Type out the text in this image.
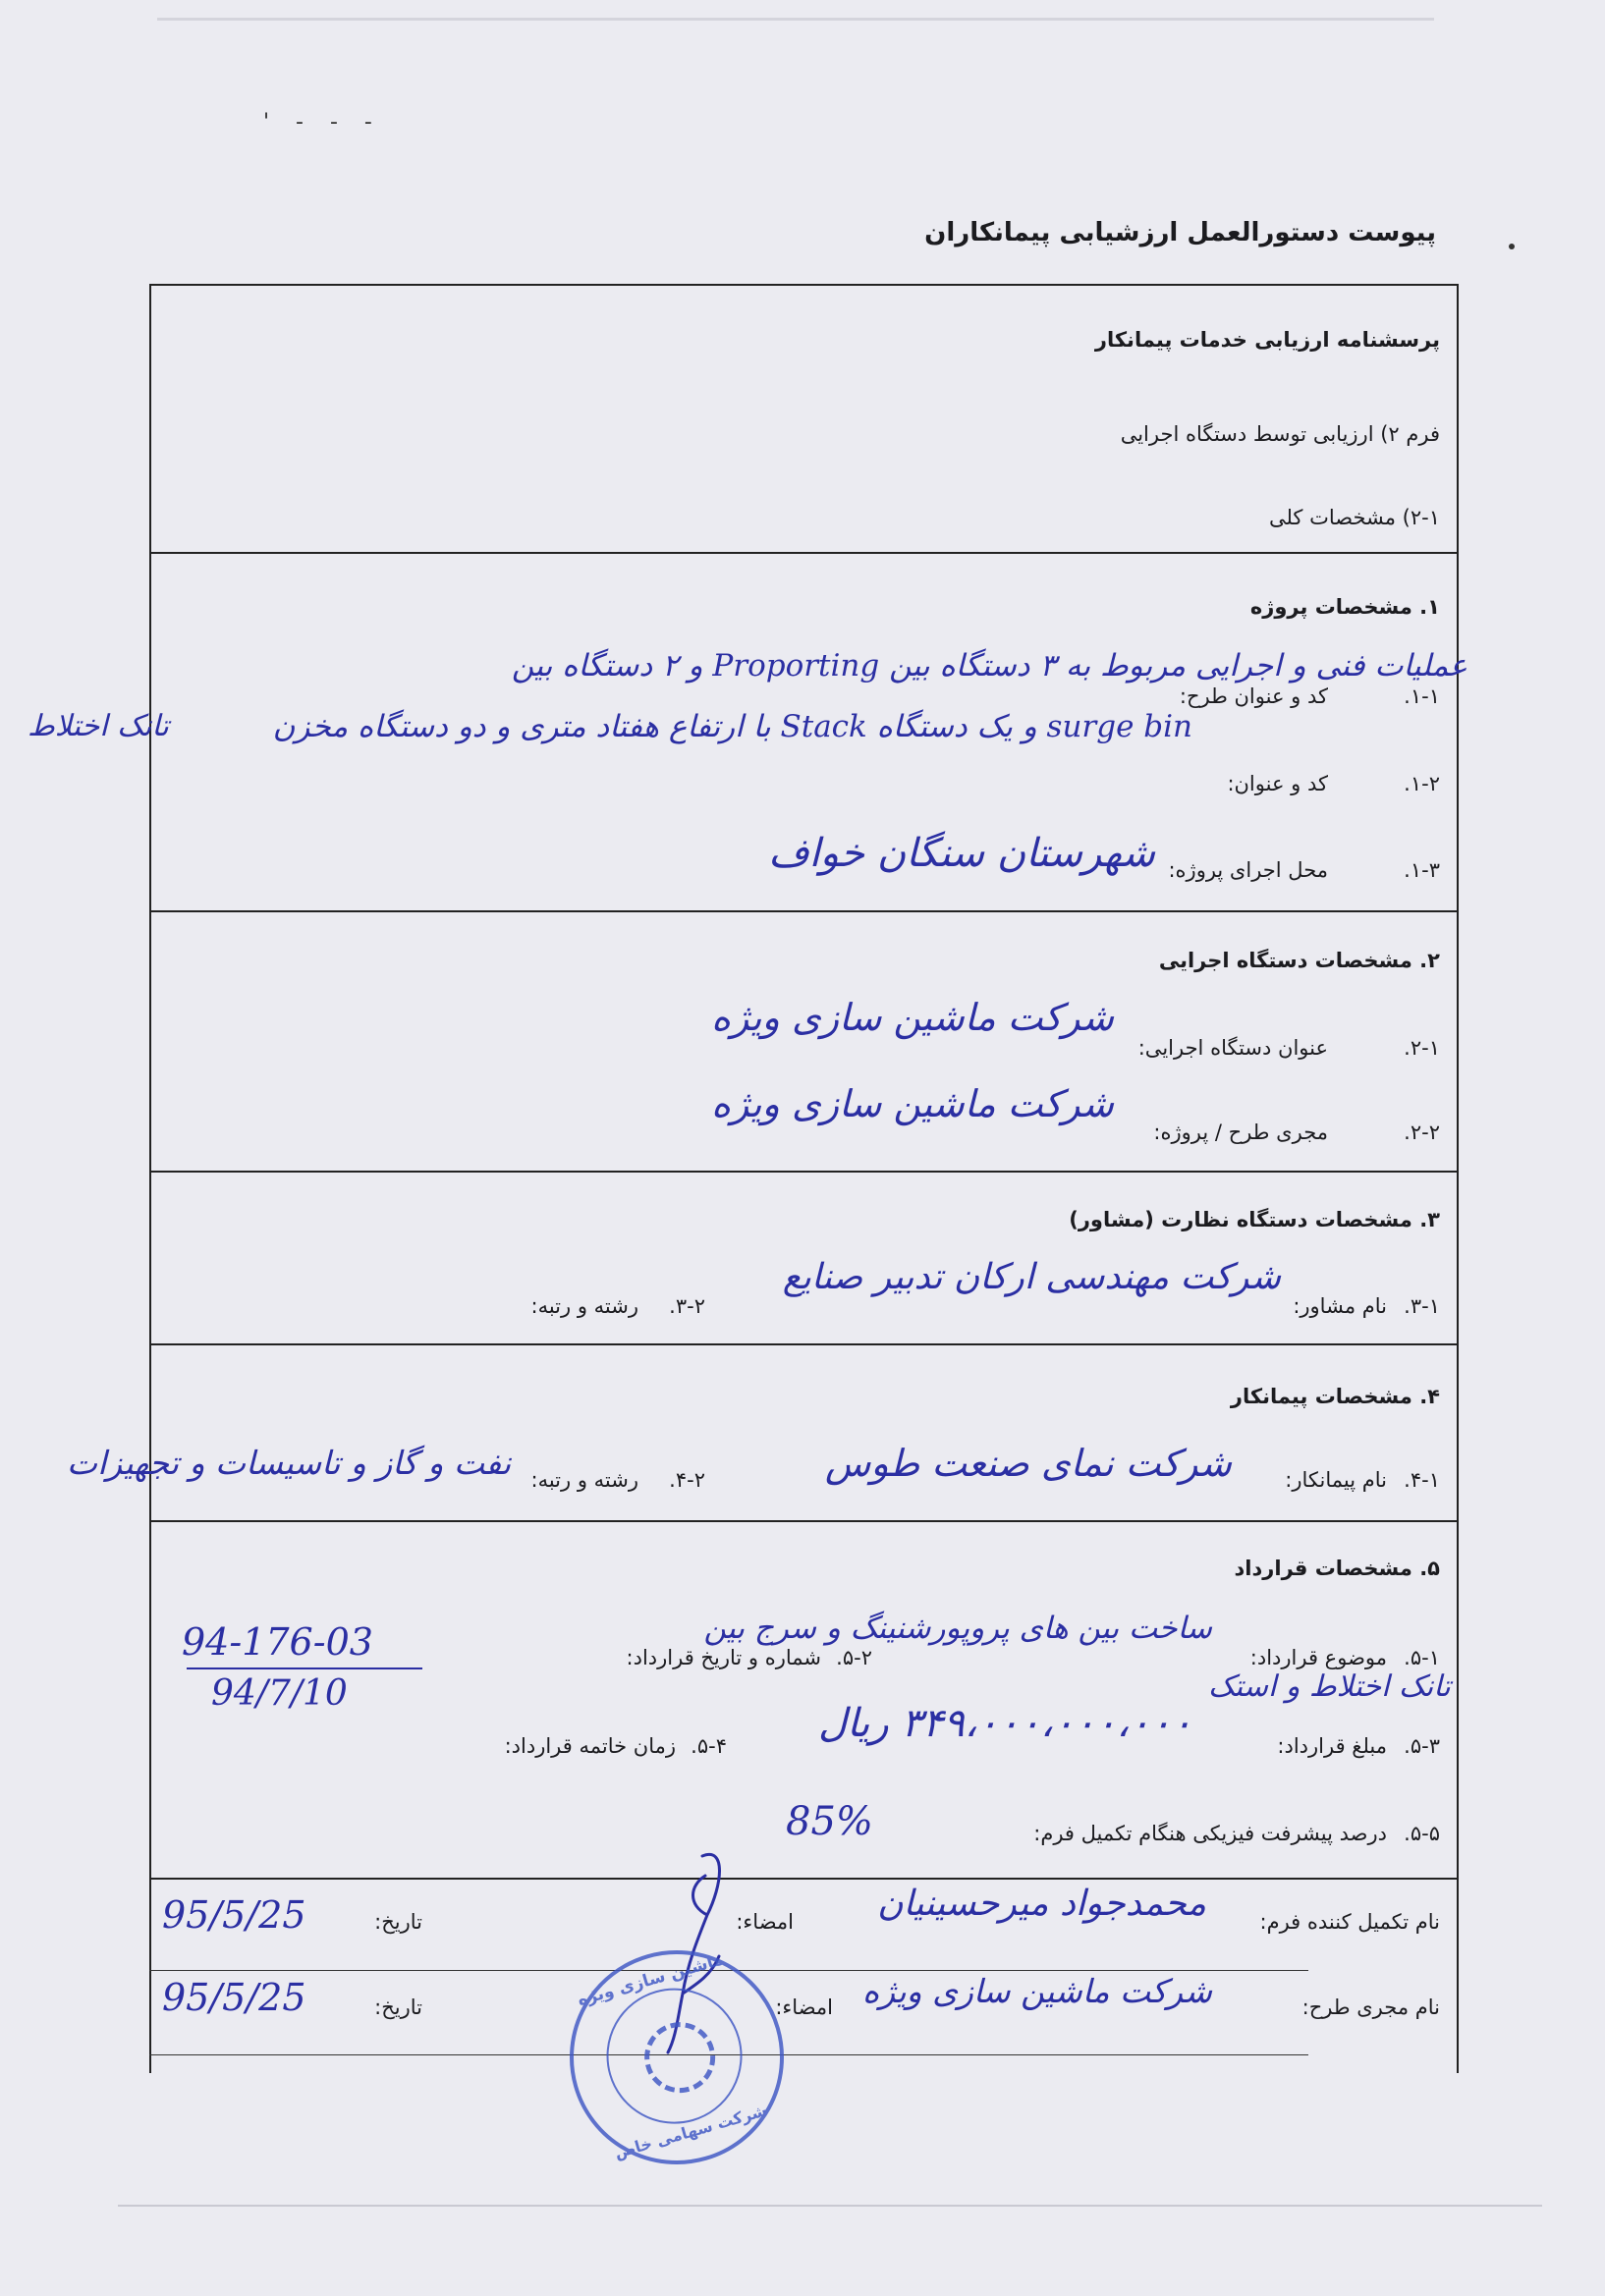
' - - -
پیوست دستورالعمل ارزشیابی پیمانکاران
پرسشنامه ارزیابی خدمات پیمانکار
فرم ۲) ارزیابی توسط دستگاه اجرایی
۲-۱) مشخصات کلی
۱. مشخصات پروژه
۱-۱.
کد و عنوان طرح:
عملیات فنی و اجرایی مربوط به ۳ دستگاه بین Proporting و ۲ دستگاه بین
surge bin و یک دستگاه Stack با ارتفاع هفتاد متری و دو دستگاه مخزن
تانک اختلاط
۱-۲.
کد و عنوان:
۱-۳.
محل اجرای پروژه:
شهرستان سنگان خواف
۲. مشخصات دستگاه اجرایی
۲-۱.
عنوان دستگاه اجرایی:
شرکت ماشین سازی ویژه
۲-۲.
مجری طرح / پروژه:
شرکت ماشین سازی ویژه
۳. مشخصات دستگاه نظارت (مشاور)
۳-۱.
نام مشاور:
شرکت مهندسی ارکان تدبیر صنایع
۳-۲.
رشته و رتبه:
۴. مشخصات پیمانکار
۴-۱.
نام پیمانکار:
شرکت نمای صنعت طوس
۴-۲.
رشته و رتبه:
نفت و گاز و تاسیسات و تجهیزات
۵. مشخصات قرارداد
۵-۱.
موضوع قرارداد:
ساخت بین های پروپورشنینگ و سرج بین
تانک اختلاط و استک
۵-۲.
شماره و تاریخ قرارداد:
94-176-03
94/7/10
۵-۳.
مبلغ قرارداد:
۳۴۹،۰۰۰،۰۰۰،۰۰۰ ریال
۵-۴.
زمان خاتمه قرارداد:
۵-۵.
درصد پیشرفت فیزیکی هنگام تکمیل فرم:
85%
نام تکمیل کننده فرم:
محمدجواد میرحسینیان
امضاء:
تاریخ:
95/5/25
نام مجری طرح:
شرکت ماشین سازی ویژه
امضاء:
تاریخ:
95/5/25	ماشین سازی ویژه
شرکت سهامی خاص
